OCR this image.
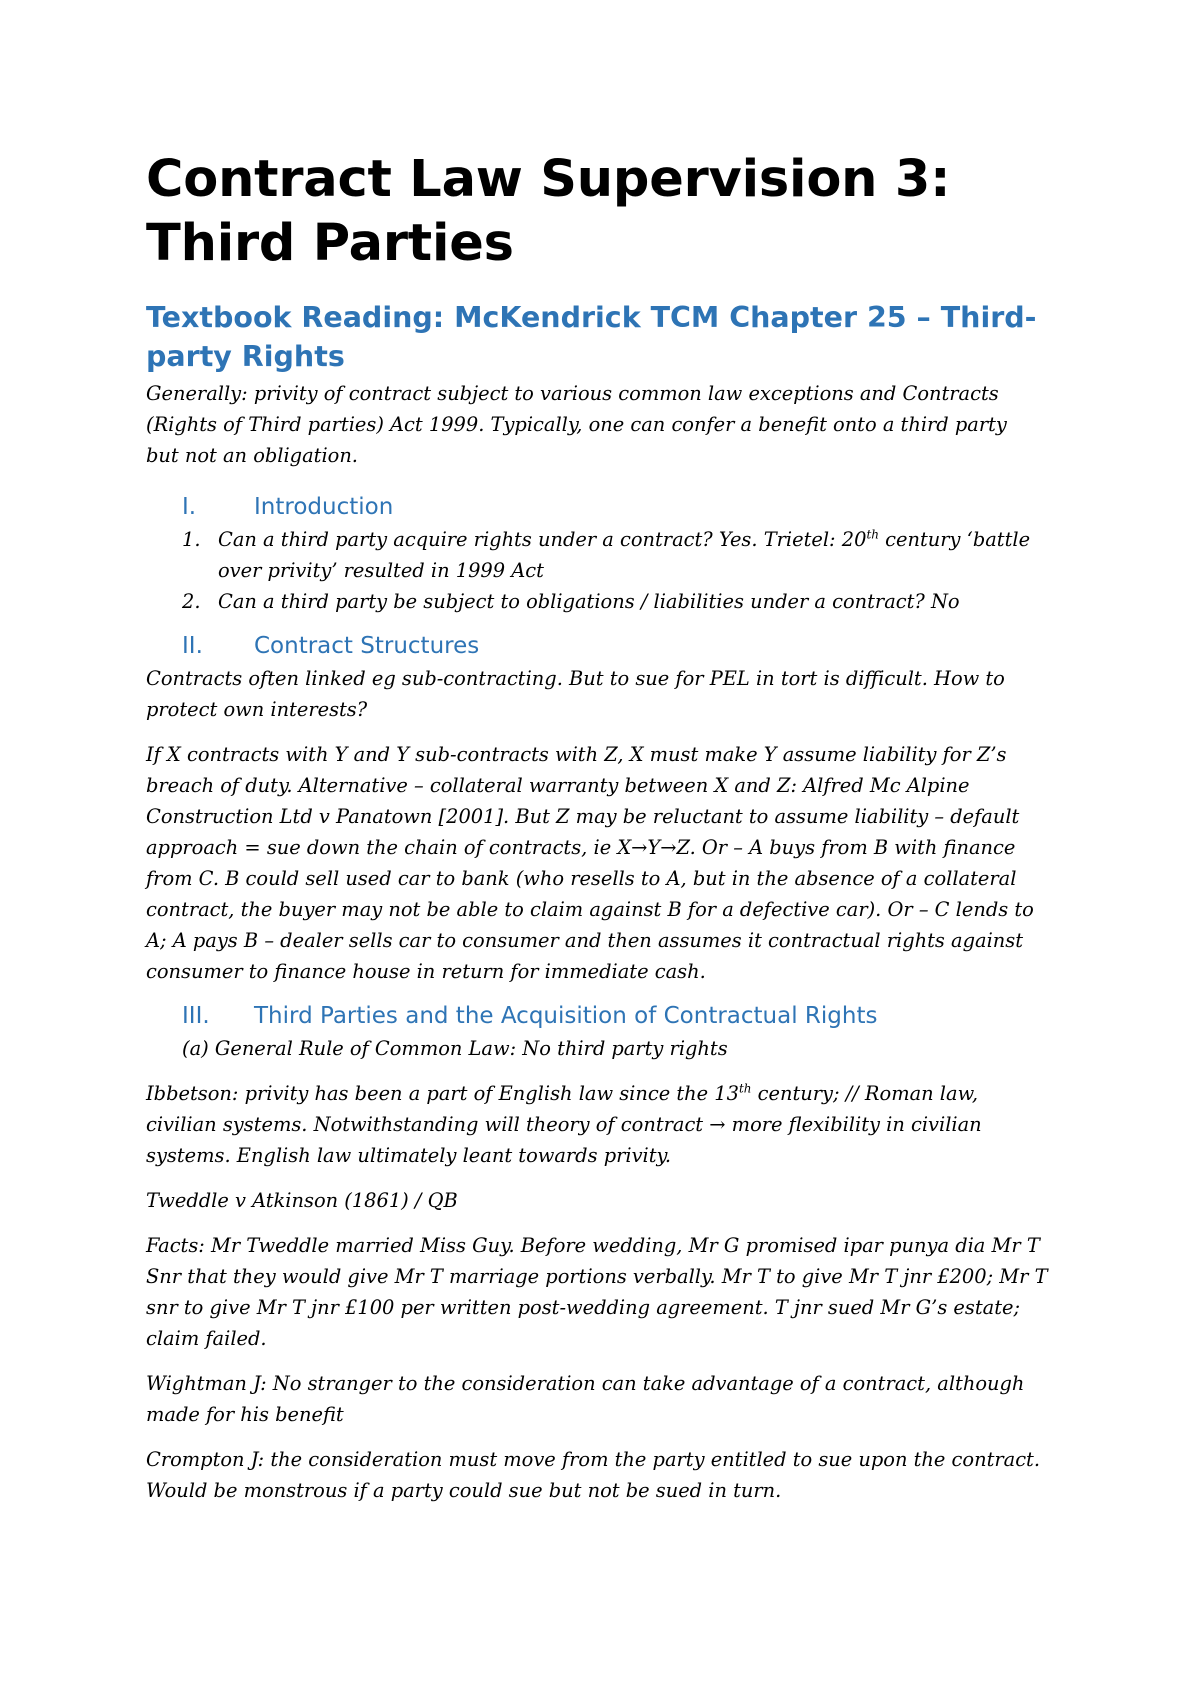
Contract Law Supervision 3:
Third Parties
Textbook Reading: McKendrick TCM Chapter 25 – Third-
party Rights
Generally: privity of contract subject to various common law exceptions and Contracts
(Rights of Third parties) Act 1999. Typically, one can confer a benefit onto a third party
but not an obligation.
I.	Introduction
1. Can a third party acquire rights under a contract? Yes. Trietel: 20th century ‘battle
over privity’ resulted in 1999 Act
2. Can a third party be subject to obligations / liabilities under a contract? No
II.	Contract Structures
Contracts often linked eg sub-contracting. But to sue for PEL in tort is difficult. How to
protect own interests?
If X contracts with Y and Y sub-contracts with Z, X must make Y assume liability for Z’s
breach of duty. Alternative – collateral warranty between X and Z: Alfred Mc Alpine
Construction Ltd v Panatown [2001]. But Z may be reluctant to assume liability – default
approach = sue down the chain of contracts, ie X→Y→Z. Or – A buys from B with finance
from C. B could sell used car to bank (who resells to A, but in the absence of a collateral
contract, the buyer may not be able to claim against B for a defective car). Or – C lends to
A; A pays B – dealer sells car to consumer and then assumes it contractual rights against
consumer to finance house in return for immediate cash.
III.	Third Parties and the Acquisition of Contractual Rights
(a) General Rule of Common Law: No third party rights
Ibbetson: privity has been a part of English law since the 13th century; // Roman law,
civilian systems. Notwithstanding will theory of contract → more flexibility in civilian
systems. English law ultimately leant towards privity.
Tweddle v Atkinson (1861) / QB
Facts: Mr Tweddle married Miss Guy. Before wedding, Mr G promised ipar punya dia Mr T
Snr that they would give Mr T marriage portions verbally. Mr T to give Mr T jnr £200; Mr T
snr to give Mr T jnr £100 per written post-wedding agreement. T jnr sued Mr G’s estate;
claim failed.
Wightman J: No stranger to the consideration can take advantage of a contract, although
made for his benefit
Crompton J: the consideration must move from the party entitled to sue upon the contract.
Would be monstrous if a party could sue but not be sued in turn.
